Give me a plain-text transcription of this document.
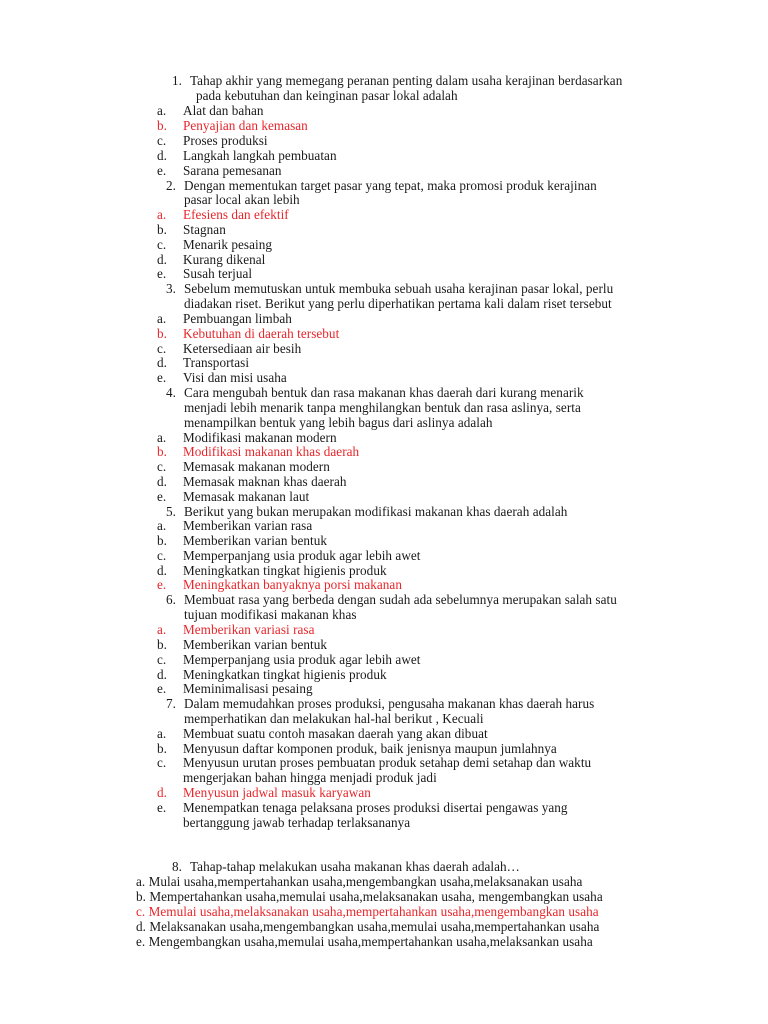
1. Tahap akhir yang memegang peranan penting dalam usaha kerajinan berdasarkan
pada kebutuhan dan keinginan pasar lokal adalah
a. Alat dan bahan
b. Penyajian dan kemasan
c. Proses produksi
d. Langkah langkah pembuatan
e. Sarana pemesanan
2. Dengan mementukan target pasar yang tepat, maka promosi produk kerajinan
pasar local akan lebih
a. Efesiens dan efektif
b. Stagnan
c. Menarik pesaing
d. Kurang dikenal
e. Susah terjual
3. Sebelum memutuskan untuk membuka sebuah usaha kerajinan pasar lokal, perlu
diadakan riset. Berikut yang perlu diperhatikan pertama kali dalam riset tersebut
a. Pembuangan limbah
b. Kebutuhan di daerah tersebut
c. Ketersediaan air besih
d. Transportasi
e. Visi dan misi usaha
4. Cara mengubah bentuk dan rasa makanan khas daerah dari kurang menarik
menjadi lebih menarik tanpa menghilangkan bentuk dan rasa aslinya, serta
menampilkan bentuk yang lebih bagus dari aslinya adalah
a. Modifikasi makanan modern
b. Modifikasi makanan khas daerah
c. Memasak makanan modern
d. Memasak maknan khas daerah
e. Memasak makanan laut
5. Berikut yang bukan merupakan modifikasi makanan khas daerah adalah
a. Memberikan varian rasa
b. Memberikan varian bentuk
c. Memperpanjang usia produk agar lebih awet
d. Meningkatkan tingkat higienis produk
e. Meningkatkan banyaknya porsi makanan
6. Membuat rasa yang berbeda dengan sudah ada sebelumnya merupakan salah satu
tujuan modifikasi makanan khas
a. Memberikan variasi rasa
b. Memberikan varian bentuk
c. Memperpanjang usia produk agar lebih awet
d. Meningkatkan tingkat higienis produk
e. Meminimalisasi pesaing
7. Dalam memudahkan proses produksi, pengusaha makanan khas daerah harus
memperhatikan dan melakukan hal-hal berikut , Kecuali
a. Membuat suatu contoh masakan daerah yang akan dibuat
b. Menyusun daftar komponen produk, baik jenisnya maupun jumlahnya
c. Menyusun urutan proses pembuatan produk setahap demi setahap dan waktu
mengerjakan bahan hingga menjadi produk jadi
d. Menyusun jadwal masuk karyawan
e. Menempatkan tenaga pelaksana proses produksi disertai pengawas yang
bertanggung jawab terhadap terlaksananya
8. Tahap-tahap melakukan usaha makanan khas daerah adalah…
a. Mulai usaha,mempertahankan usaha,mengembangkan usaha,melaksanakan usaha
b. Mempertahankan usaha,memulai usaha,melaksanakan usaha, mengembangkan usaha
c. Memulai usaha,melaksanakan usaha,mempertahankan usaha,mengembangkan usaha
d. Melaksanakan usaha,mengembangkan usaha,memulai usaha,mempertahankan usaha
e. Mengembangkan usaha,memulai usaha,mempertahankan usaha,melaksankan usaha
